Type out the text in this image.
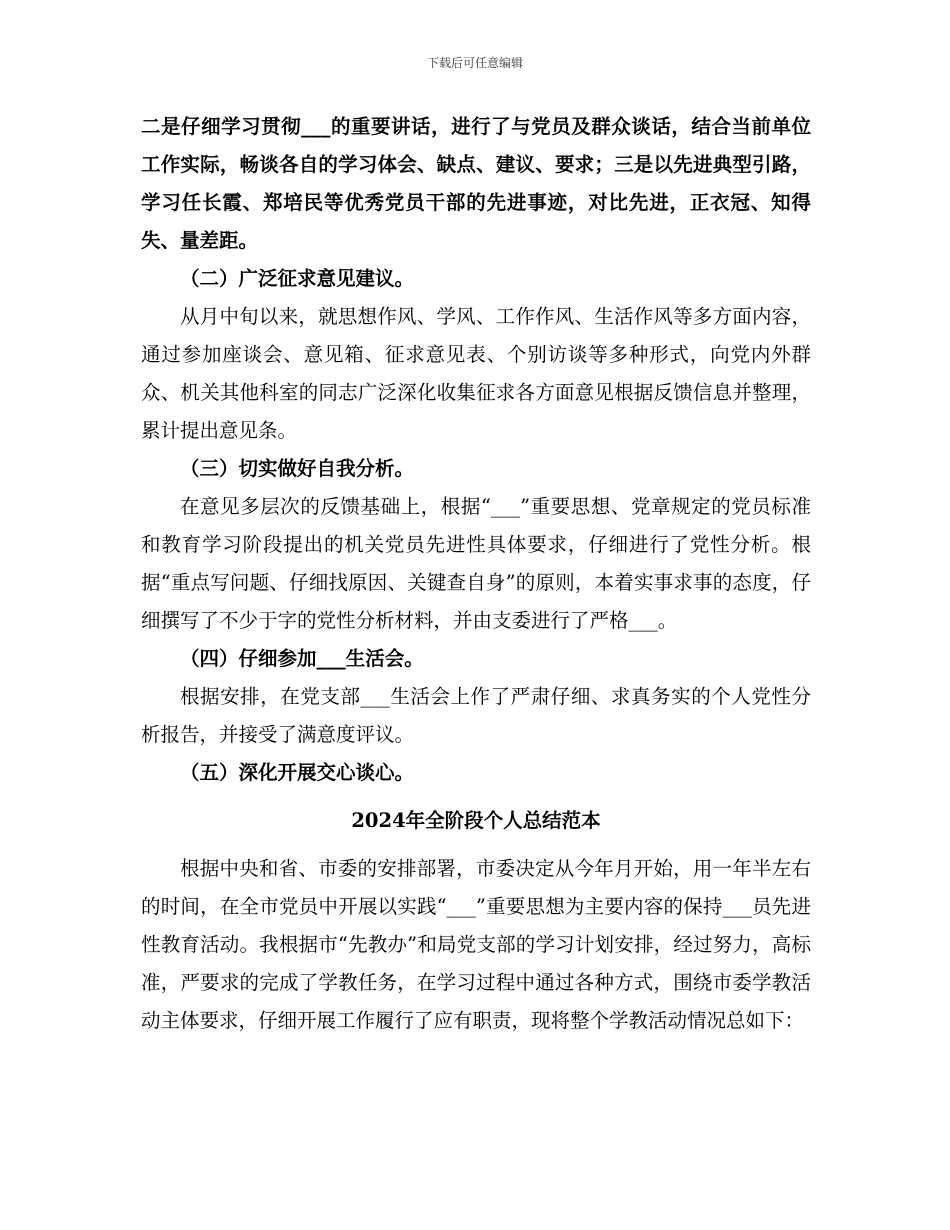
下载后可任意编辑

二是仔细学习贯彻___的重要讲话，进行了与党员及群众谈话，结合当前单位工作实际，畅谈各自的学习体会、缺点、建议、要求；三是以先进典型引路，学习任长霞、郑培民等优秀党员干部的先进事迹，对比先进，正衣冠、知得失、量差距。

（二）广泛征求意见建议。

从月中旬以来，就思想作风、学风、工作作风、生活作风等多方面内容，通过参加座谈会、意见箱、征求意见表、个别访谈等多种形式，向党内外群众、机关其他科室的同志广泛深化收集征求各方面意见根据反馈信息并整理，累计提出意见条。

（三）切实做好自我分析。

在意见多层次的反馈基础上，根据“___”重要思想、党章规定的党员标准和教育学习阶段提出的机关党员先进性具体要求，仔细进行了党性分析。根据“重点写问题、仔细找原因、关键查自身”的原则，本着实事求事的态度，仔细撰写了不少于字的党性分析材料，并由支委进行了严格___。

（四）仔细参加___生活会。

根据安排，在党支部___生活会上作了严肃仔细、求真务实的个人党性分析报告，并接受了满意度评议。

（五）深化开展交心谈心。

2024年全阶段个人总结范本

根据中央和省、市委的安排部署，市委决定从今年月开始，用一年半左右的时间，在全市党员中开展以实践“___”重要思想为主要内容的保持___员先进性教育活动。我根据市“先教办”和局党支部的学习计划安排，经过努力，高标准，严要求的完成了学教任务，在学习过程中通过各种方式，围绕市委学教活动主体要求，仔细开展工作履行了应有职责，现将整个学教活动情况总如下：
